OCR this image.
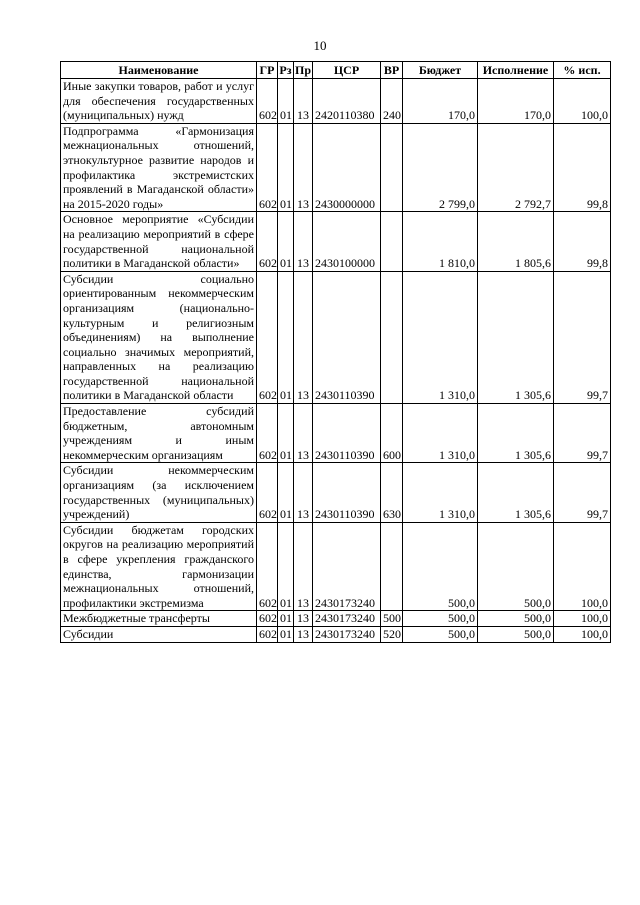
10
Наименование	ГР	Рз	Пр	ЦСР	ВР	Бюджет	Исполнение	% исп.
Иные закупки товаров, работ и услуг для обеспечения государственных (муниципальных) нужд	602	01	13	2420110380	240	170,0	170,0	100,0
Подпрограмма «Гармонизация межнациональных отношений, этнокультурное развитие народов и профилактика экстремистских проявлений в Магаданской области» на 2015-2020 годы»	602	01	13	2430000000		2 799,0	2 792,7	99,8
Основное мероприятие «Субсидии на реализацию мероприятий в сфере государственной национальной политики в Магаданской области»	602	01	13	2430100000		1 810,0	1 805,6	99,8
Субсидии социально ориентированным некоммерческим организациям (национально-культурным и религиозным объединениям) на выполнение социально значимых мероприятий, направленных на реализацию государственной национальной политики в Магаданской области	602	01	13	2430110390		1 310,0	1 305,6	99,7
Предоставление субсидий бюджетным, автономным учреждениям и иным некоммерческим организациям	602	01	13	2430110390	600	1 310,0	1 305,6	99,7
Субсидии некоммерческим организациям (за исключением государственных (муниципальных) учреждений)	602	01	13	2430110390	630	1 310,0	1 305,6	99,7
Субсидии бюджетам городских округов на реализацию мероприятий в сфере укрепления гражданского единства, гармонизации межнациональных отношений, профилактики экстремизма	602	01	13	2430173240		500,0	500,0	100,0
Межбюджетные трансферты	602	01	13	2430173240	500	500,0	500,0	100,0
Субсидии	602	01	13	2430173240	520	500,0	500,0	100,0
